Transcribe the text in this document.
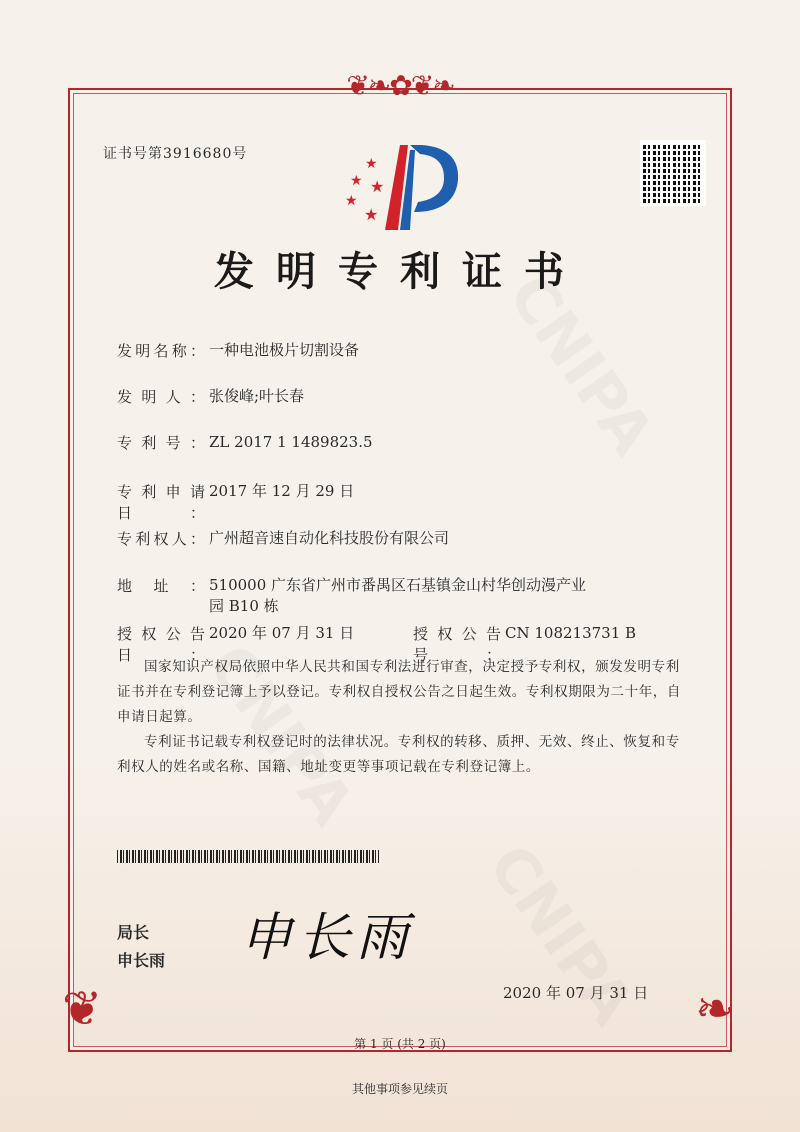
❦❧✿❦❧
❦	❧
证书号第3916680号
★
★ ★
★
★
发明专利证书
发明名称： 一种电池极片切割设备
发明人： 张俊峰;叶长春
专利号： ZL 2017 1 1489823.5
专利申请日：
2017 年 12 月 29 日
专利权人： 广州超音速自动化科技股份有限公司
地址： 510000 广东省广州市番禺区石基镇金山村华创动漫产业园 B10 栋
授权公告日：
2020 年 07 月 31 日	授权公告号：
CN 108213731 B
国家知识产权局依照中华人民共和国专利法进行审查，决定授予专利权，颁发发明专利证书并在专利登记簿上予以登记。专利权自授权公告之日起生效。专利权期限为二十年，自申请日起算。
专利证书记载专利权登记时的法律状况。专利权的转移、质押、无效、终止、恢复和专利权人的姓名或名称、国籍、地址变更等事项记载在专利登记簿上。
局长
申长雨 申长雨
2020 年 07 月 31 日
第 1 页 (共 2 页)
其他事项参见续页
